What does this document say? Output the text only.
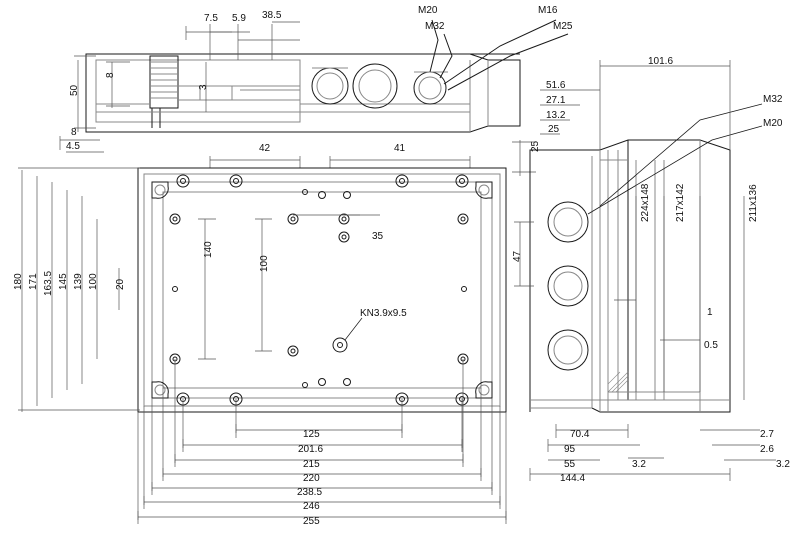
7.5 5.9 38.5
8
50	3
8
4.5	42	41	25
M20
M32
M16
M25
180 171 163.5 145 139 100
140
100
20
35
KN3.9x9.5
125
201.6
215
220
238.5
246
255
51.6
27.1
13.2
25
101.6
M32
M20
47
224x148 217x142	211x136
1
0.5
70.4
95
55
144.4
3.2
2.7
2.6
3.2
